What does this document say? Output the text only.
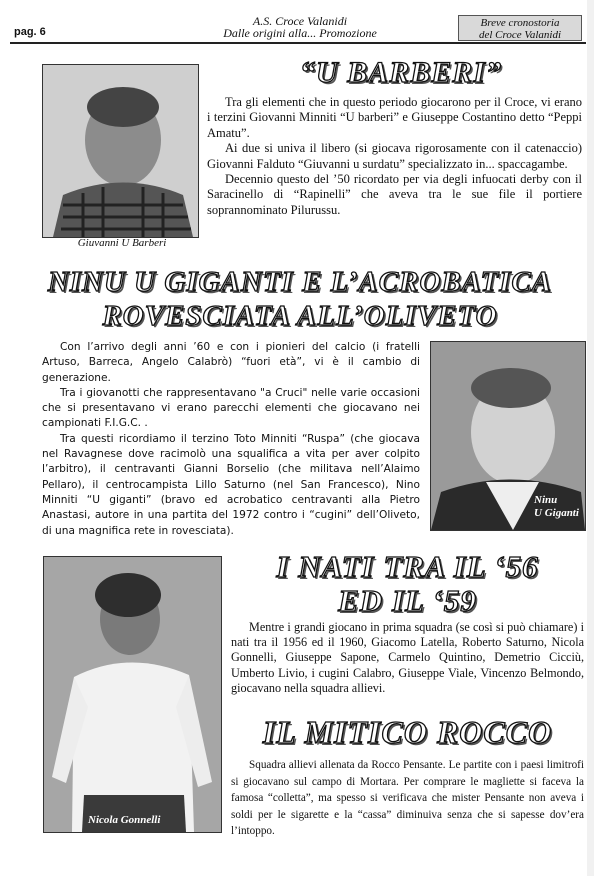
pag. 6
A.S. Croce Valanidi
Dalle origini alla... Promozione
Breve cronostoria
del Croce Valanidi
Giuvanni U Barberi
“U BARBERI”

Tra gli elementi che in questo periodo giocarono per il Croce, vi erano i terzini Giovanni Minniti “U barberi” e Giuseppe Costantino detto “Peppi Amatu”.

Ai due si univa il libero (si giocava rigorosamente con il catenaccio) Giovanni Falduto “Giuvanni u surdatu” specializzato in... spaccagambe.

Decennio questo del ’50 ricordato per via degli infuocati derby con il Saracinello di “Rapinelli” che aveva tra le sue file il portiere soprannominato Pilurussu.

NINU U GIGANTI E L’ACROBATICA
ROVESCIATA ALL’OLIVETO

Con l’arrivo degli anni ’60 e con i pionieri del calcio (i fratelli Artuso, Barreca, Angelo Calabrò) “fuori età”, vi è il cambio di generazione.

Tra i giovanotti che rappresentavano "a Cruci" nelle varie occasioni che si presentavano vi erano parecchi elementi che giocavano nei campionati F.I.G.C. .

Tra questi ricordiamo il terzino Toto Minniti “Ruspa” (che giocava nel Ravagnese dove racimolò una squalifica a vita per aver colpito l’arbitro), il centravanti Gianni Borselio (che militava nell’Alaimo Pellaro), il centrocampista Lillo Saturno (nel San Francesco), Nino Minniti “U giganti” (bravo ed acrobatico centravanti alla Pietro Anastasi, autore in una partita del 1972 contro i “cugini” dell’Oliveto, di una magnifica rete in rovesciata).

Ninu
U Giganti
Nicola Gonnelli
I NATI TRA IL ‘56
ED IL ‘59

Mentre i grandi giocano in prima squadra (se così si può chiamare) i nati tra il 1956 ed il 1960, Giacomo Latella, Roberto Saturno, Nicola Gonnelli, Giuseppe Sapone, Carmelo Quintino, Demetrio Cicciù, Umberto Livio, i cugini Calabro, Giuseppe Viale, Vincenzo Belmondo, giocavano nella squadra allievi.

IL MITICO ROCCO

Squadra allievi allenata da Rocco Pensante. Le partite con i paesi limitrofi si giocavano sul campo di Mortara. Per comprare le magliette si faceva la famosa “colletta”, ma spesso si verificava che mister Pensante non aveva i soldi per le sigarette e la “cassa” diminuiva senza che si sapesse dov’era l’intoppo.
